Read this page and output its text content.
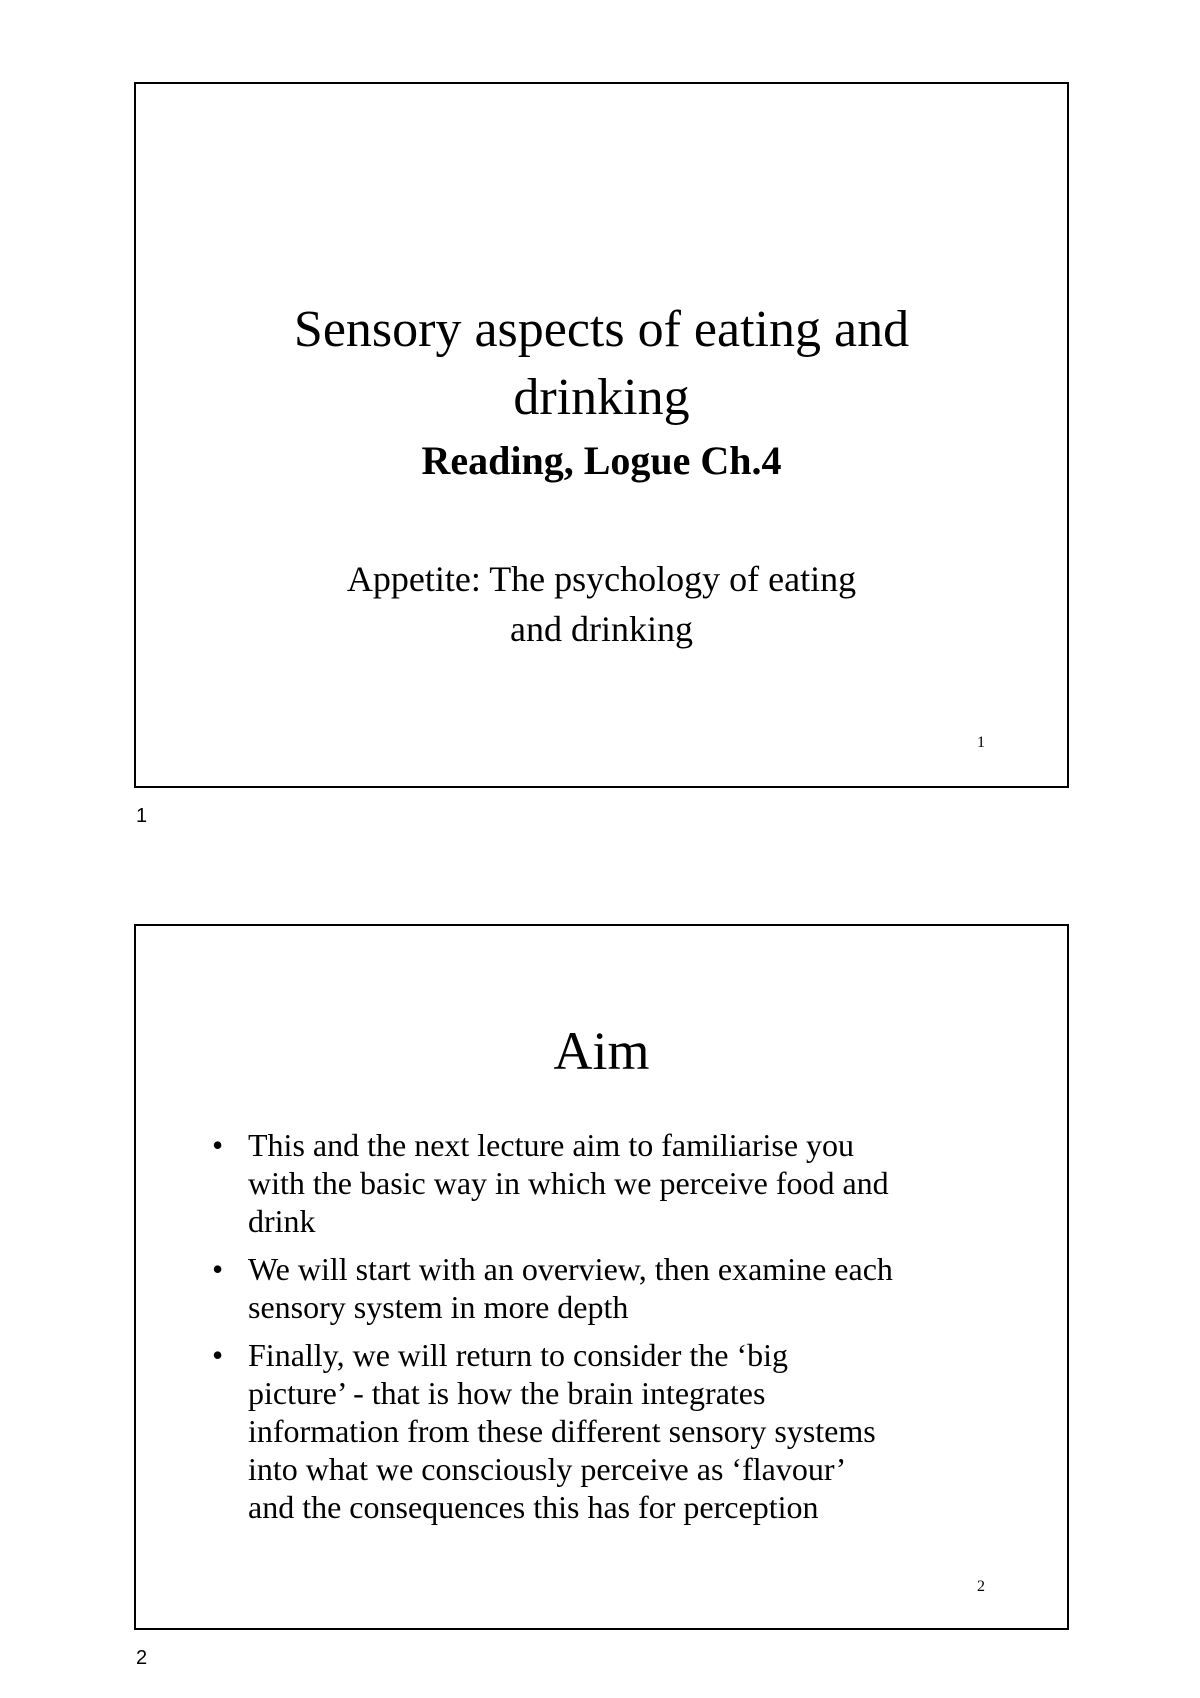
Sensory aspects of eating and
drinking
Reading, Logue Ch.4
Appetite: The psychology of eating
and drinking
1
1
Aim
• This and the next lecture aim to familiarise you
with the basic way in which we perceive food and
drink
• We will start with an overview, then examine each
sensory system in more depth
• Finally, we will return to consider the ‘big
picture’ - that is how the brain integrates
information from these different sensory systems
into what we consciously perceive as ‘flavour’
and the consequences this has for perception
2
2
